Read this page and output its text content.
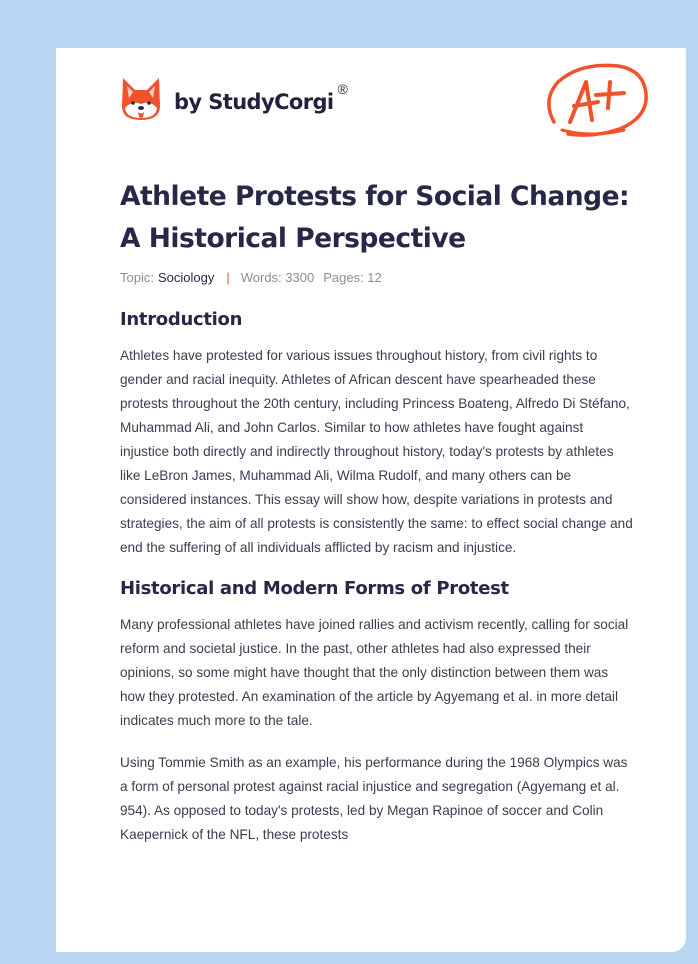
by StudyCorgi
®
Athlete Protests for Social Change:
A Historical Perspective
Topic: Sociology | Words: 3300 Pages: 12
Introduction

Athletes have protested for various issues throughout history, from civil rights to gender and racial inequity. Athletes of African descent have spearheaded these protests throughout the 20th century, including Princess Boateng, Alfredo Di Stéfano, Muhammad Ali, and John Carlos. Similar to how athletes have fought against injustice both directly and indirectly throughout history, today's protests by athletes like LeBron James, Muhammad Ali, Wilma Rudolf, and many others can be considered instances. This essay will show how, despite variations in protests and strategies, the aim of all protests is consistently the same: to effect social change and end the suffering of all individuals afflicted by racism and injustice.

Historical and Modern Forms of Protest

Many professional athletes have joined rallies and activism recently, calling for social reform and societal justice. In the past, other athletes had also expressed their opinions, so some might have thought that the only distinction between them was how they protested. An examination of the article by Agyemang et al. in more detail indicates much more to the tale.

Using Tommie Smith as an example, his performance during the 1968 Olympics was a form of personal protest against racial injustice and segregation (Agyemang et al. 954). As opposed to today's protests, led by Megan Rapinoe of soccer and Colin Kaepernick of the NFL, these protests
